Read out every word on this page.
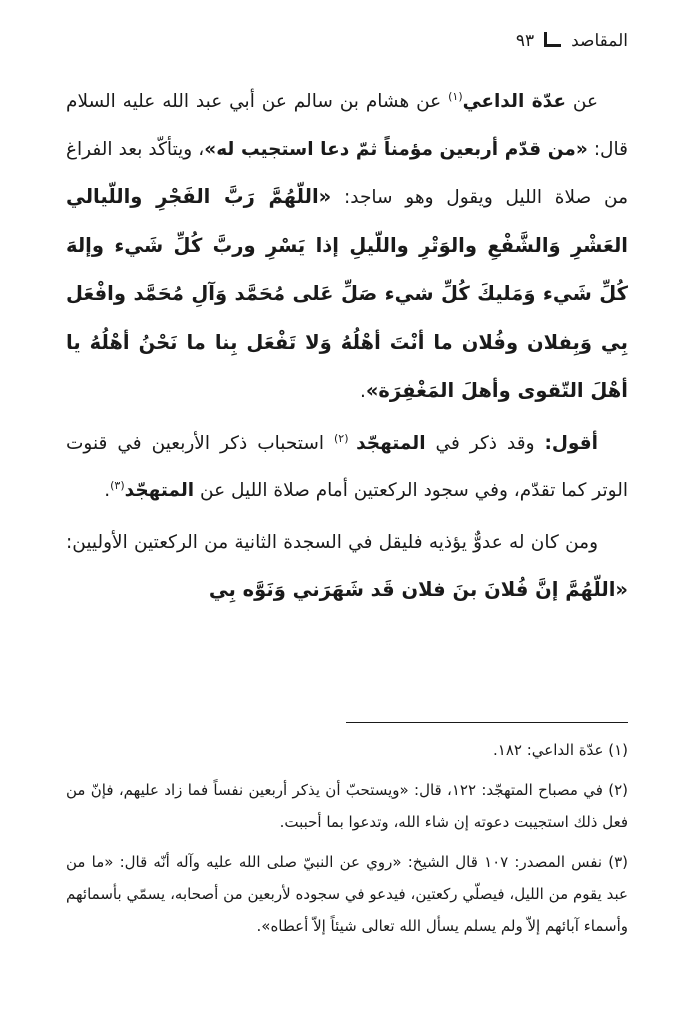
المقاصد
٩٣

عن عدّة الداعي$^{(١)}$ عن هشام بن سالم عن أبي عبد الله عليه السلام قال: «من قدّم أربعين مؤمناً ثمّ دعا استجيب له»، ويتأكّد بعد الفراغ من صلاة الليل ويقول وهو ساجد: «اللّهُمَّ رَبَّ الفَجْرِ واللّيالي العَشْرِ وَالشَّفْعِ والوَتْرِ واللّيلِ إذا يَسْرِ وربَّ كُلِّ شَيء وإلهَ كُلِّ شَيء وَمَليكَ كُلِّ شيء صَلِّ عَلى مُحَمَّد وَآلِ مُحَمَّد وافْعَل بِي وَبِفلان وفُلان ما أنْتَ أهْلُهُ وَلا تَفْعَل بِنا ما نَحْنُ أهْلُهُ يا أهْلَ التّقوى وأهلَ المَغْفِرَة».

أقول: وقد ذكر في المتهجّد $^{(٢)}$ استحباب ذكر الأربعين في قنوت الوتر كما تقدّم، وفي سجود الركعتين أمام صلاة الليل عن المتهجّد$^{(٣)}$.

ومن كان له عدوٌّ يؤذيه فليقل في السجدة الثانية من الركعتين الأوليين: «اللّهُمَّ إنَّ فُلانَ بنَ فلان قَد شَهَرَني وَنَوَّه بِي

(١) عدّة الداعي: ١٨٢.

(٢) في مصباح المتهجّد: ١٢٢، قال: «ويستحبّ أن يذكر أربعين نفساً فما زاد عليهم، فإنّ من فعل ذلك استجيبت دعوته إن شاء الله، وتدعوا بما أحببت.

(٣) نفس المصدر: ١٠٧ قال الشيخ: «روي عن النبيّ صلى الله عليه وآله أنّه قال: «ما من عبد يقوم من الليل، فيصلّي ركعتين، فيدعو في سجوده لأربعين من أصحابه، يسمّي بأسمائهم وأسماء آبائهم إلاّ ولم يسلم يسأل الله تعالى شيئاً إلاّ أعطاه».
